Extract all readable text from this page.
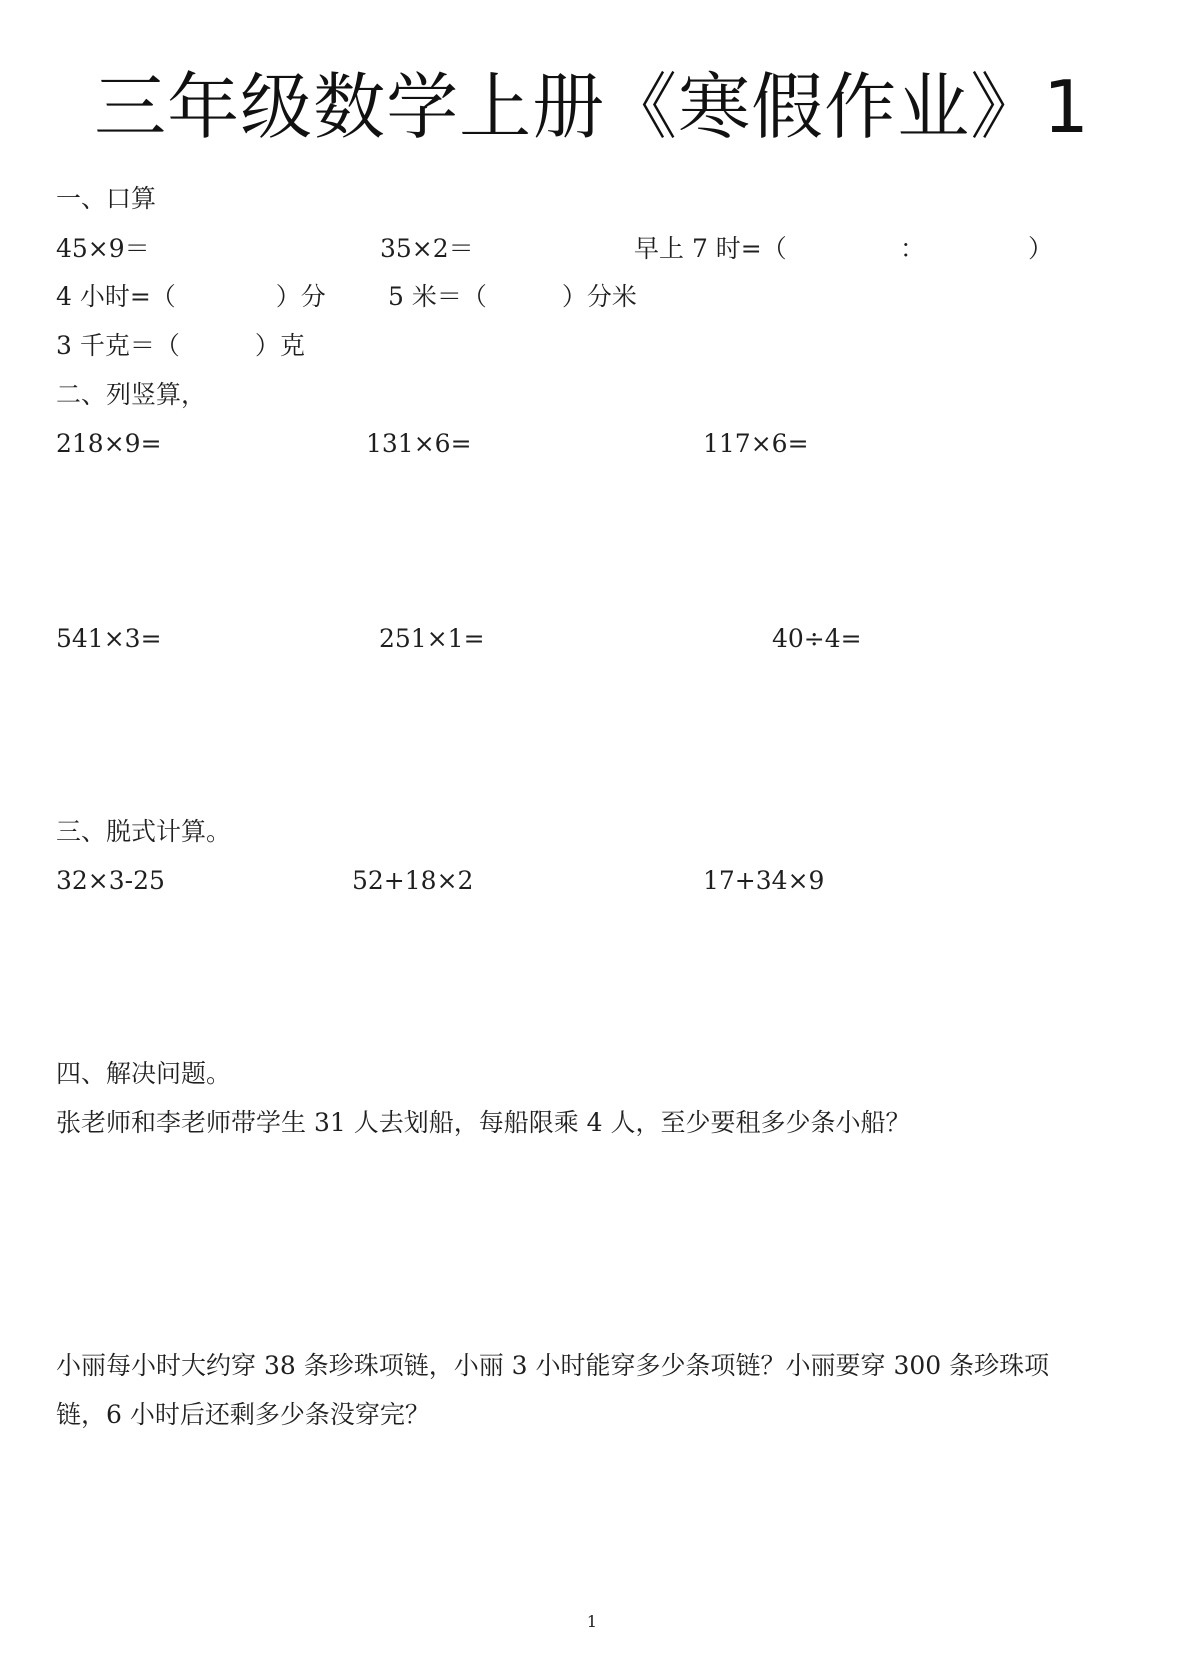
三年级数学上册《寒假作业》1
一、口算
45×9＝	35×2＝	早上 7 时=（	：	）
4 小时=（　　　　）分 5 米＝（　　　）分米
3 千克＝（　　　）克
二、列竖算，
218×9=	131×6=	117×6=
541×3=	251×1=	40÷4=
三、脱式计算。
32×3-25	52+18×2	17+34×9
四、解决问题。
张老师和李老师带学生 31 人去划船，每船限乘 4 人，至少要租多少条小船？
小丽每小时大约穿 38 条珍珠项链，小丽 3 小时能穿多少条项链？小丽要穿 300 条珍珠项
链，6 小时后还剩多少条没穿完？
1
